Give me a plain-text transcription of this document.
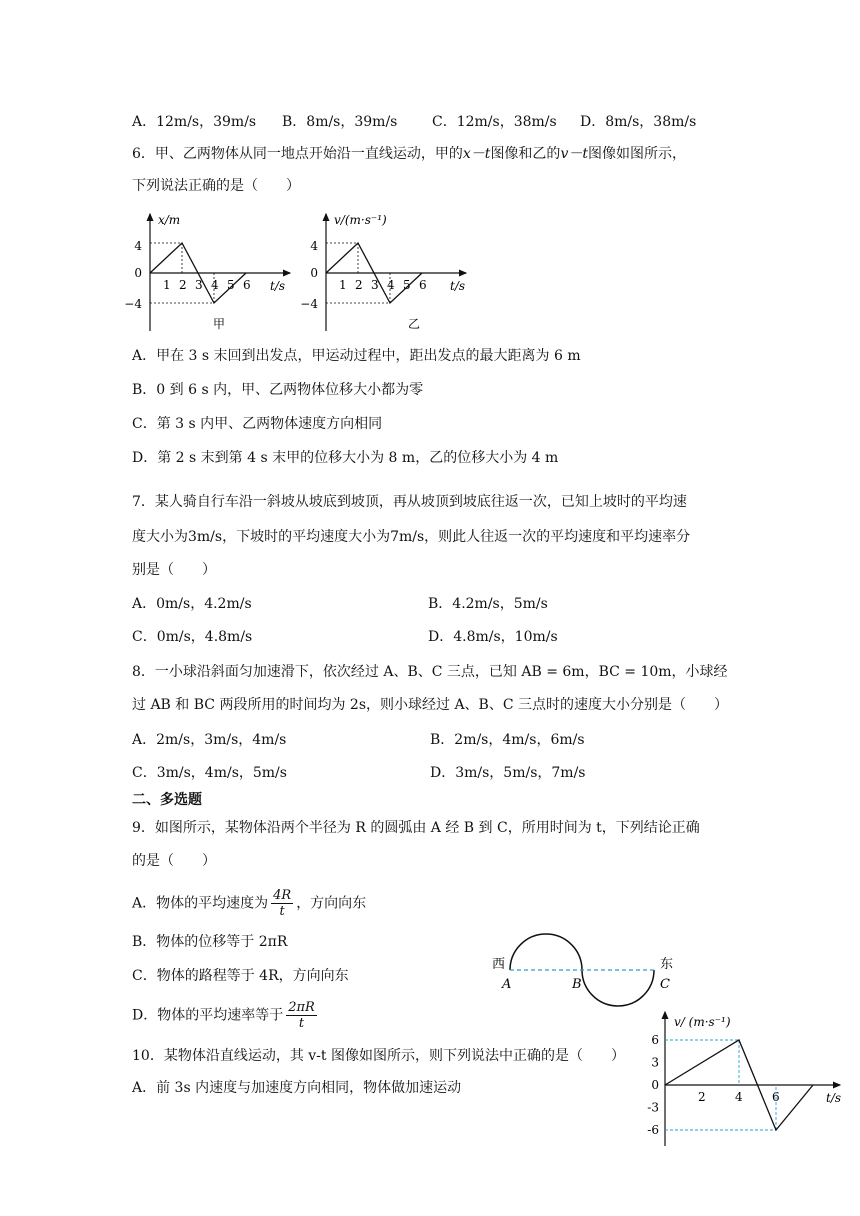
A．12m/s，39m/s B．8m/s，39m/s C．12m/s，38m/s D．8m/s，38m/s
6．甲、乙两物体从同一地点开始沿一直线运动，甲的x－t图像和乙的v－t图像如图所示，
下列说法正确的是（　　）
x/m
t/s
4
0
−4
1 2 3 4 5 6
甲
v/(m·s⁻¹)
t/s
4
0
−4
1 2 3 4 5 6
乙
A．甲在 3 s 末回到出发点，甲运动过程中，距出发点的最大距离为 6 m
B．0 到 6 s 内，甲、乙两物体位移大小都为零
C．第 3 s 内甲、乙两物体速度方向相同
D．第 2 s 末到第 4 s 末甲的位移大小为 8 m，乙的位移大小为 4 m
7．某人骑自行车沿一斜坡从坡底到坡顶，再从坡顶到坡底往返一次，已知上坡时的平均速
度大小为3m/s，下坡时的平均速度大小为7m/s，则此人往返一次的平均速度和平均速率分
别是（　　）
A．0m/s，4.2m/s	B．4.2m/s，5m/s
C．0m/s，4.8m/s	D．4.8m/s，10m/s
8．一小球沿斜面匀加速滑下，依次经过 A、B、C 三点，已知 AB = 6m，BC = 10m，小球经
过 AB 和 BC 两段所用的时间均为 2s，则小球经过 A、B、C 三点时的速度大小分别是（　　）
A．2m/s，3m/s，4m/s	B．2m/s，4m/s，6m/s
C．3m/s，4m/s，5m/s	D．3m/s，5m/s，7m/s
二、多选题
9．如图所示，某物体沿两个半径为 R 的圆弧由 A 经 B 到 C，所用时间为 t，下列结论正确
的是（　　）
A．物体的平均速度为 $\frac{4R}{t}$ ，方向向东
B．物体的位移等于 2πR
C．物体的路程等于 4R，方向向东
D．物体的平均速率等于 $\frac{2\pi R}{t}$
西	东
A	B	C
10．某物体沿直线运动，其 v-t 图像如图所示，则下列说法中正确的是（　　）
A．前 3s 内速度与加速度方向相同，物体做加速运动
v/ (m·s⁻¹)
t/s
6
3
0
-3
-6
2 4 6
